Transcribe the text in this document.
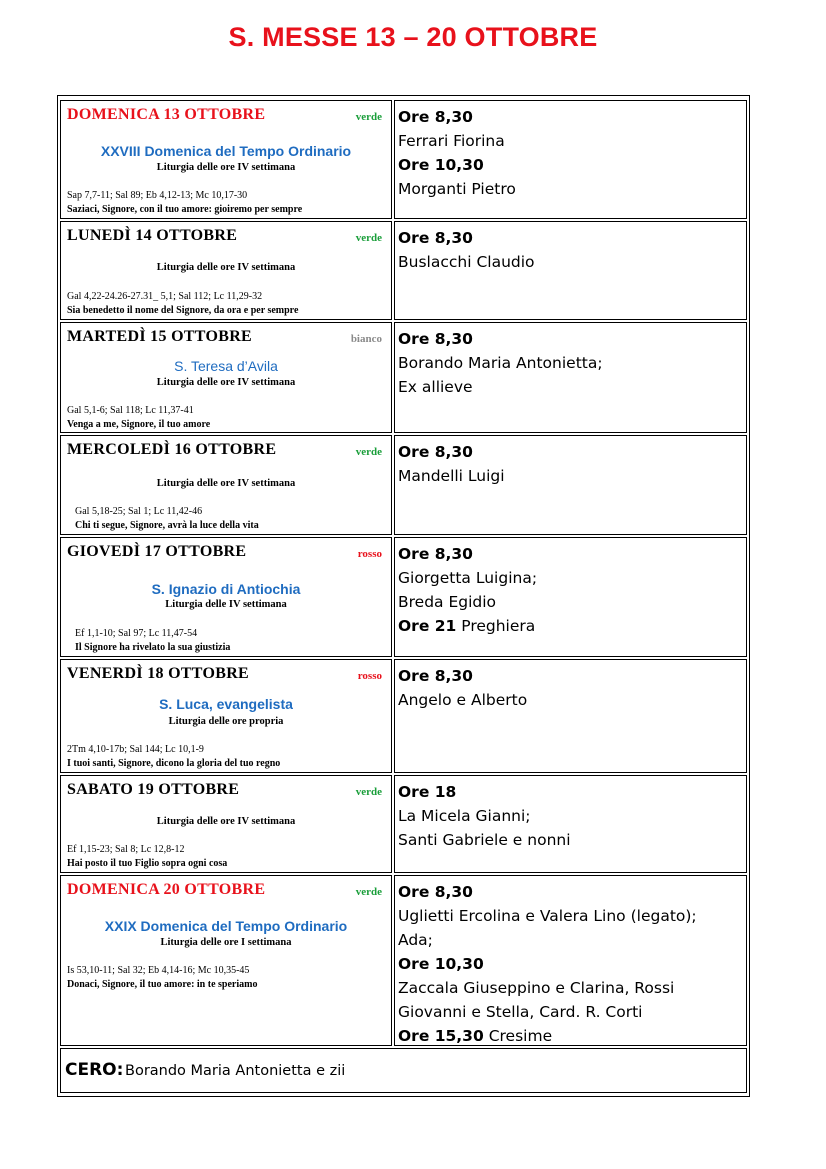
S. MESSE 13 – 20 OTTOBRE
DOMENICA 13 OTTOBRE	verde
XXVIII Domenica del Tempo Ordinario
Liturgia delle ore IV settimana
Sap 7,7-11; Sal 89; Eb 4,12-13; Mc 10,17-30
Saziaci, Signore, con il tuo amore: gioiremo per sempre
Ore 8,30
Ferrari Fiorina
Ore 10,30
Morganti Pietro
LUNEDÌ 14 OTTOBRE	verde
Liturgia delle ore IV settimana
Gal 4,22-24.26-27.31_ 5,1; Sal 112; Lc 11,29-32
Sia benedetto il nome del Signore, da ora e per sempre
Ore 8,30
Buslacchi Claudio
MARTEDÌ 15 OTTOBRE	bianco
S. Teresa d’Avila
Liturgia delle ore IV settimana
Gal 5,1-6; Sal 118; Lc 11,37-41
Venga a me, Signore, il tuo amore
Ore 8,30
Borando Maria Antonietta;
Ex allieve
MERCOLEDÌ 16 OTTOBRE	verde
Liturgia delle ore IV settimana
Gal 5,18-25; Sal 1; Lc 11,42-46
Chi ti segue, Signore, avrà la luce della vita
Ore 8,30
Mandelli Luigi
GIOVEDÌ 17 OTTOBRE	rosso
S. Ignazio di Antiochia
Liturgia delle IV settimana
Ef 1,1-10; Sal 97; Lc 11,47-54
Il Signore ha rivelato la sua giustizia
Ore 8,30
Giorgetta Luigina;
Breda Egidio
Ore 21 Preghiera
VENERDÌ 18 OTTOBRE	rosso
S. Luca, evangelista
Liturgia delle ore propria
2Tm 4,10-17b; Sal 144; Lc 10,1-9
I tuoi santi, Signore, dicono la gloria del tuo regno
Ore 8,30
Angelo e Alberto
SABATO 19 OTTOBRE	verde
Liturgia delle ore IV settimana
Ef 1,15-23; Sal 8; Lc 12,8-12
Hai posto il tuo Figlio sopra ogni cosa
Ore 18
La Micela Gianni;
Santi Gabriele e nonni
DOMENICA 20 OTTOBRE	verde
XXIX Domenica del Tempo Ordinario
Liturgia delle ore I settimana
Is 53,10-11; Sal 32; Eb 4,14-16; Mc 10,35-45
Donaci, Signore, il tuo amore: in te speriamo
Ore 8,30
Uglietti Ercolina e Valera Lino (legato);
Ada;
Ore 10,30
Zaccala Giuseppino e Clarina, Rossi
Giovanni e Stella, Card. R. Corti
Ore 15,30 Cresime
CERO: Borando Maria Antonietta e zii
